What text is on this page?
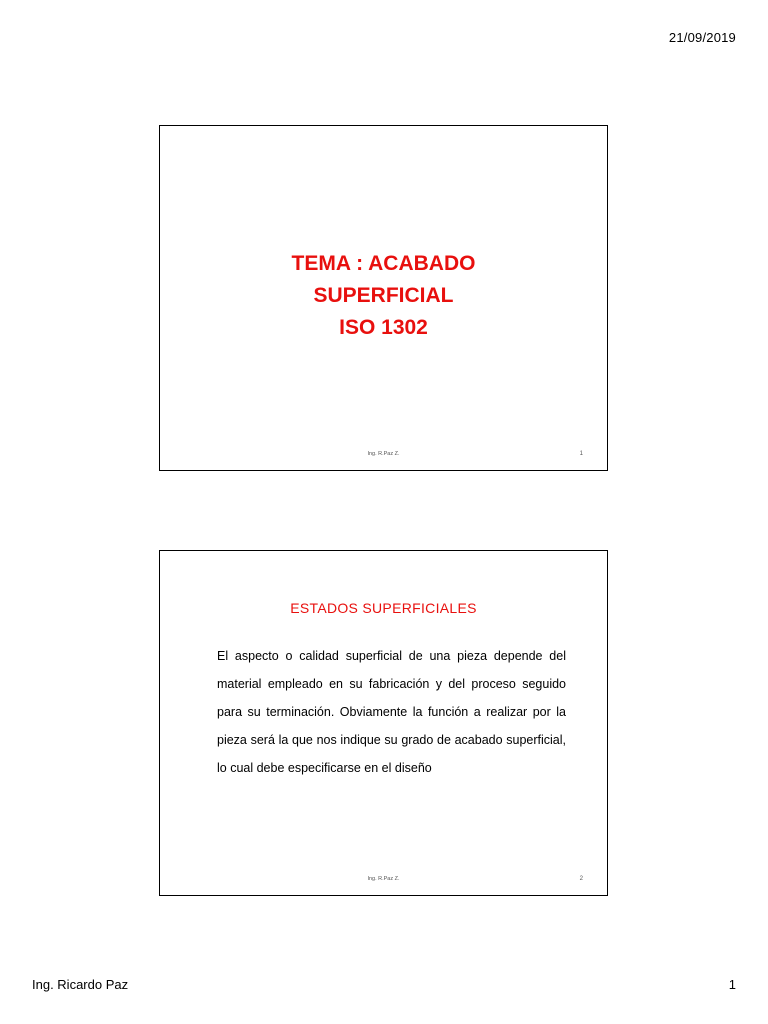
21/09/2019
TEMA : ACABADO
SUPERFICIAL
ISO 1302
Ing. R.Paz Z.	1
ESTADOS SUPERFICIALES
El aspecto o calidad superficial de una pieza depende del material empleado en su fabricación y del proceso seguido para su terminación. Obviamente la función a realizar por la pieza será la que nos indique su grado de acabado superficial, lo cual debe especificarse en el diseño
Ing. R.Paz Z.	2
Ing. Ricardo Paz	1
